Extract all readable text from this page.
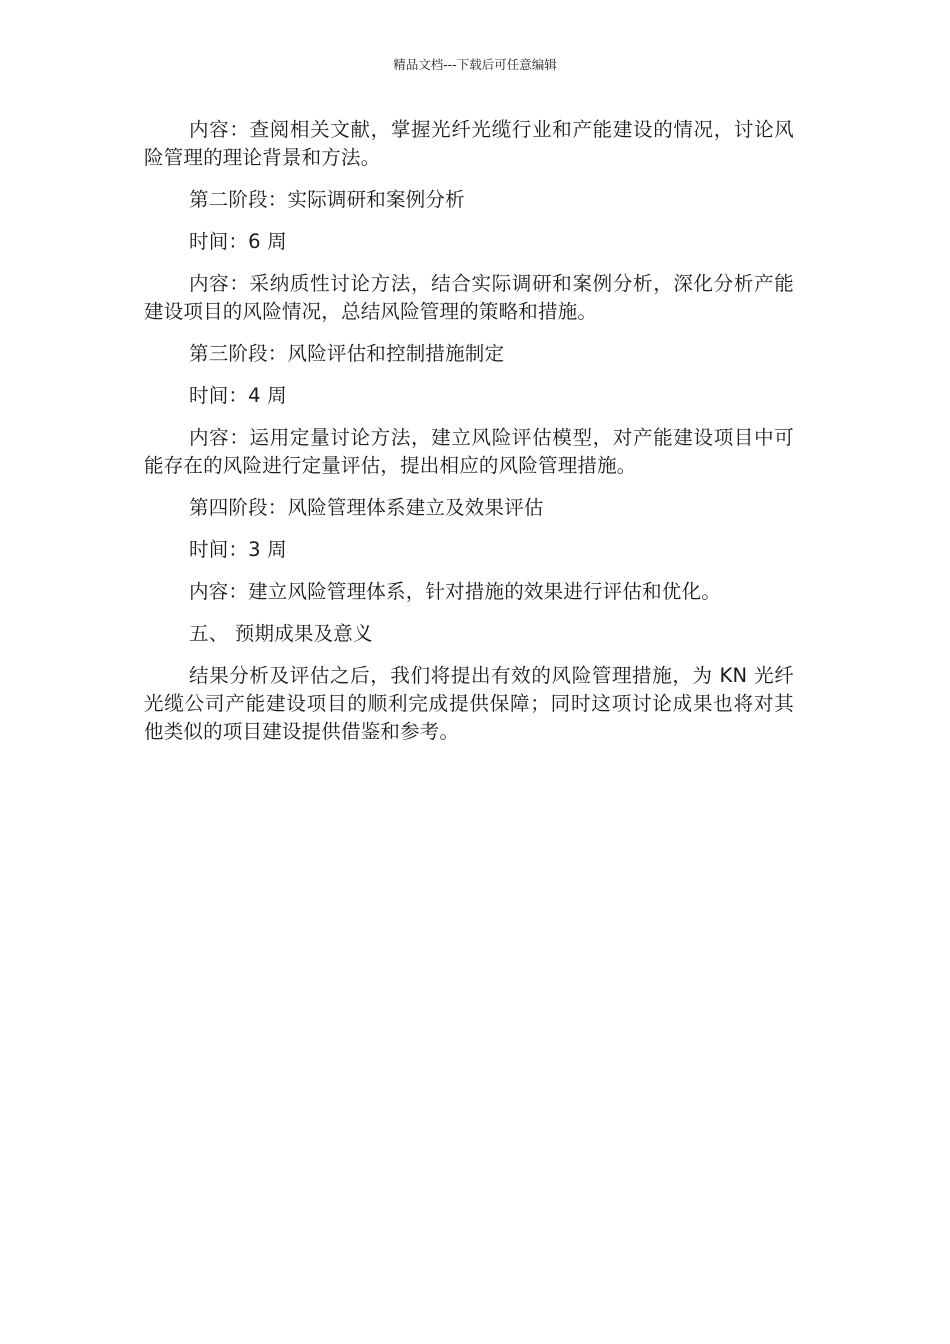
精品文档---下载后可任意编辑

内容：查阅相关文献，掌握光纤光缆行业和产能建设的情况，讨论风险管理的理论背景和方法。

第二阶段：实际调研和案例分析

时间：6 周

内容：采纳质性讨论方法，结合实际调研和案例分析，深化分析产能建设项目的风险情况，总结风险管理的策略和措施。

第三阶段：风险评估和控制措施制定

时间：4 周

内容：运用定量讨论方法，建立风险评估模型，对产能建设项目中可能存在的风险进行定量评估，提出相应的风险管理措施。

第四阶段：风险管理体系建立及效果评估

时间：3 周

内容：建立风险管理体系，针对措施的效果进行评估和优化。

五、 预期成果及意义

结果分析及评估之后，我们将提出有效的风险管理措施，为 KN 光纤光缆公司产能建设项目的顺利完成提供保障；同时这项讨论成果也将对其他类似的项目建设提供借鉴和参考。
